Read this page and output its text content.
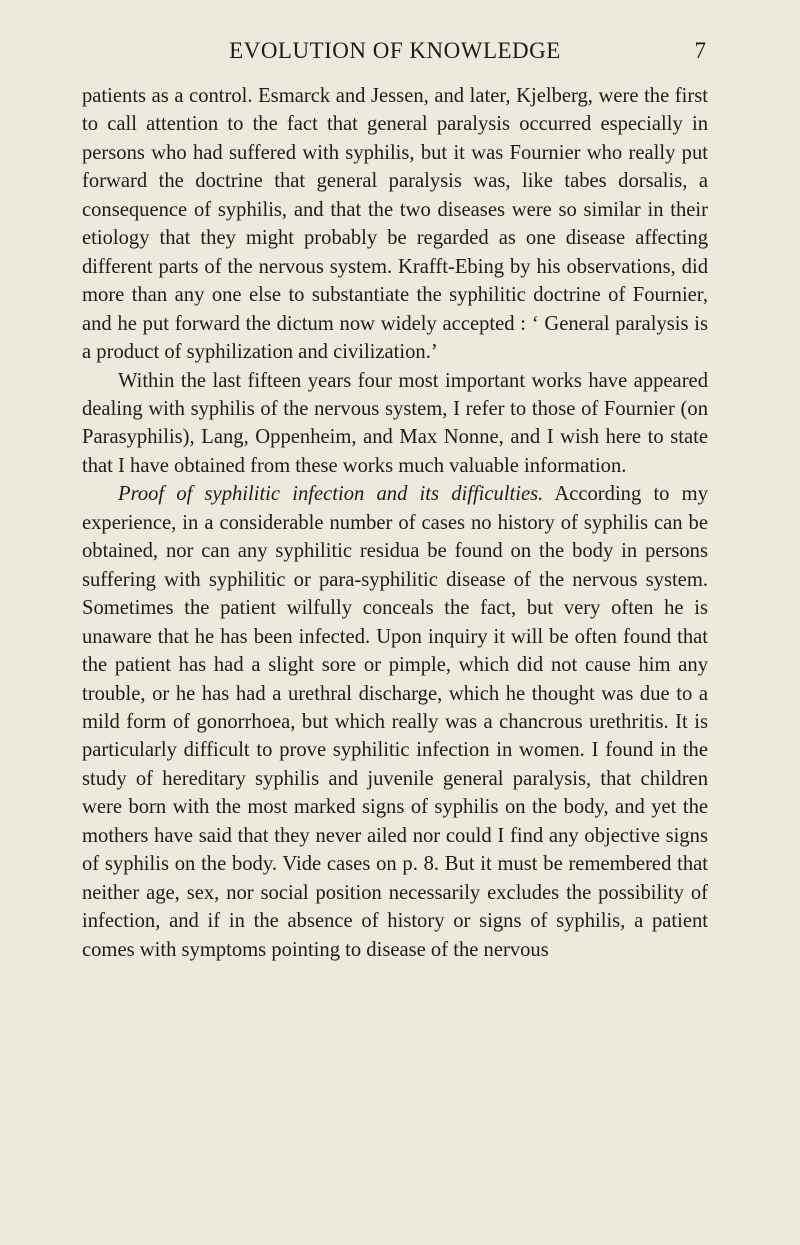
EVOLUTION OF KNOWLEDGE	7

patients as a control. Esmarck and Jessen, and later, Kjelberg, were the first to call attention to the fact that general paralysis occurred especially in persons who had suffered with syphilis, but it was Fournier who really put forward the doctrine that general paralysis was, like tabes dorsalis, a consequence of syphilis, and that the two diseases were so similar in their etiology that they might probably be regarded as one disease affecting different parts of the nervous system. Krafft-Ebing by his observations, did more than any one else to substantiate the syphilitic doctrine of Fournier, and he put forward the dictum now widely accepted : ‘ General paralysis is a product of syphilization and civilization.’

Within the last fifteen years four most important works have appeared dealing with syphilis of the nervous system, I refer to those of Fournier (on Parasyphilis), Lang, Oppenheim, and Max Nonne, and I wish here to state that I have obtained from these works much valuable information.

Proof of syphilitic infection and its difficulties. According to my experience, in a considerable number of cases no history of syphilis can be obtained, nor can any syphilitic residua be found on the body in persons suffering with syphilitic or para-syphilitic disease of the nervous system. Sometimes the patient wilfully conceals the fact, but very often he is unaware that he has been infected. Upon inquiry it will be often found that the patient has had a slight sore or pimple, which did not cause him any trouble, or he has had a urethral discharge, which he thought was due to a mild form of gonorrhoea, but which really was a chancrous urethritis. It is particularly difficult to prove syphilitic infection in women. I found in the study of hereditary syphilis and juvenile general paralysis, that children were born with the most marked signs of syphilis on the body, and yet the mothers have said that they never ailed nor could I find any objective signs of syphilis on the body. Vide cases on p. 8. But it must be remembered that neither age, sex, nor social position necessarily excludes the possibility of infection, and if in the absence of history or signs of syphilis, a patient comes with symptoms pointing to disease of the nervous
